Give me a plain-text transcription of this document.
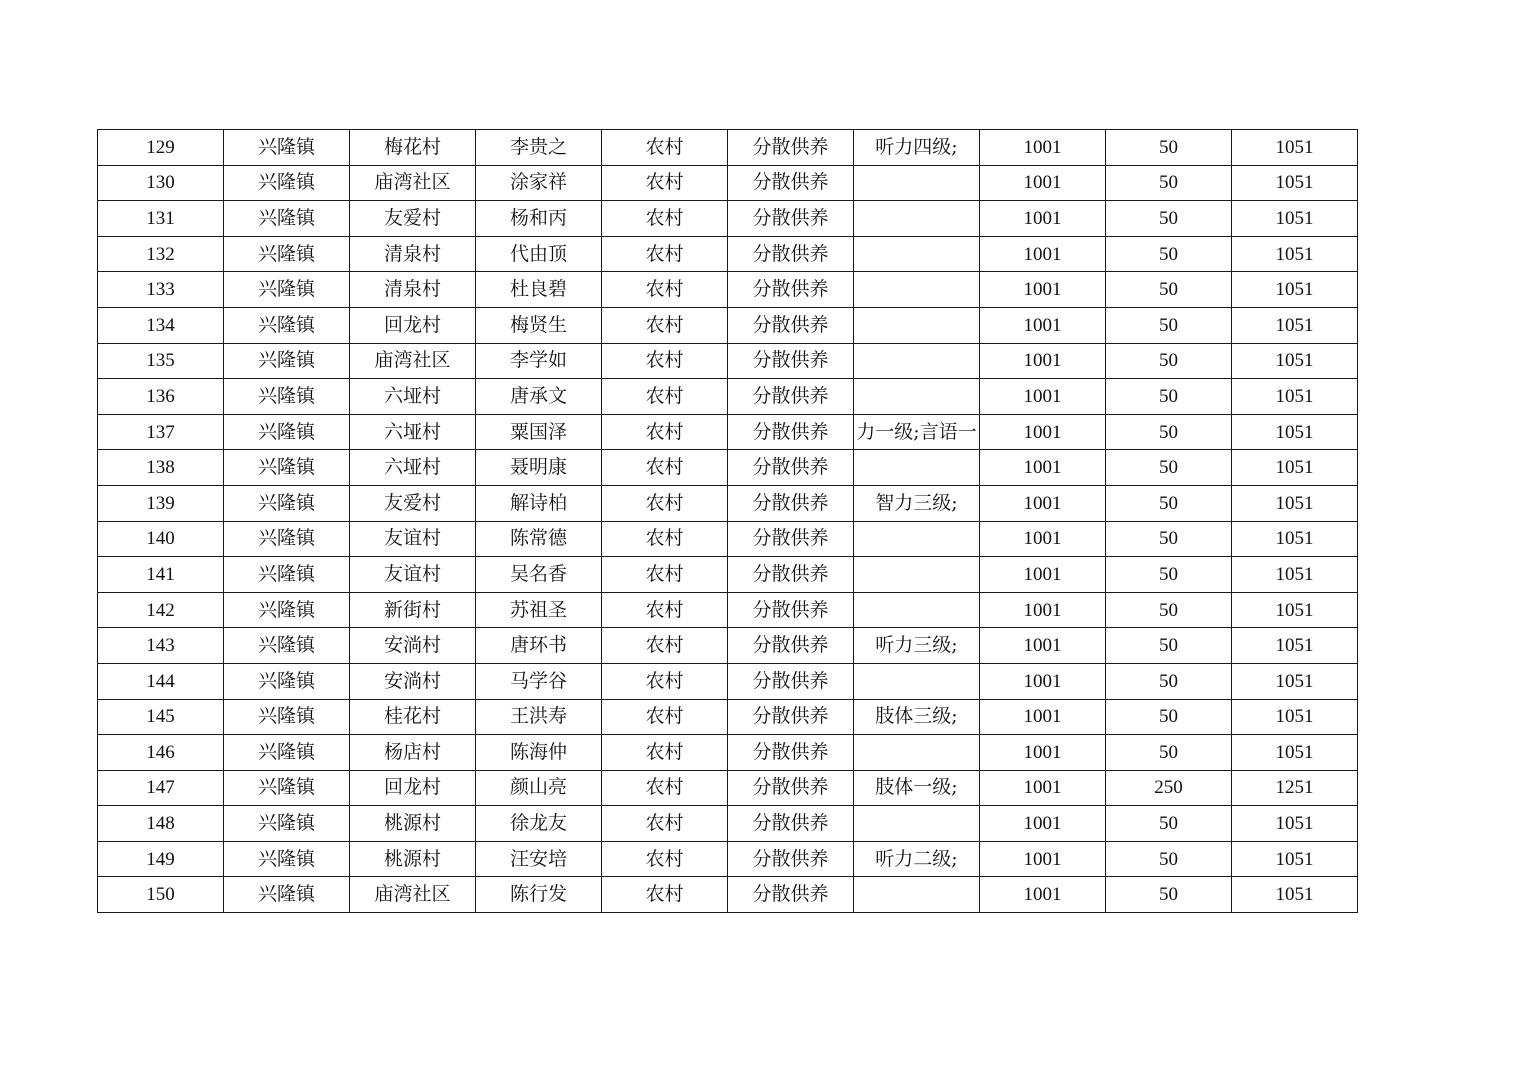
129	兴隆镇	梅花村	李贵之	农村	分散供养	听力四级;	1001	50	1051
130	兴隆镇	庙湾社区	涂家祥	农村	分散供养		1001	50	1051
131	兴隆镇	友爱村	杨和丙	农村	分散供养		1001	50	1051
132	兴隆镇	清泉村	代由顶	农村	分散供养		1001	50	1051
133	兴隆镇	清泉村	杜良碧	农村	分散供养		1001	50	1051
134	兴隆镇	回龙村	梅贤生	农村	分散供养		1001	50	1051
135	兴隆镇	庙湾社区	李学如	农村	分散供养		1001	50	1051
136	兴隆镇	六垭村	唐承文	农村	分散供养		1001	50	1051
137	兴隆镇	六垭村	粟国泽	农村	分散供养	力一级;言语一	1001	50	1051
138	兴隆镇	六垭村	聂明康	农村	分散供养		1001	50	1051
139	兴隆镇	友爱村	解诗柏	农村	分散供养	智力三级;	1001	50	1051
140	兴隆镇	友谊村	陈常德	农村	分散供养		1001	50	1051
141	兴隆镇	友谊村	吴名香	农村	分散供养		1001	50	1051
142	兴隆镇	新街村	苏祖圣	农村	分散供养		1001	50	1051
143	兴隆镇	安淌村	唐环书	农村	分散供养	听力三级;	1001	50	1051
144	兴隆镇	安淌村	马学谷	农村	分散供养		1001	50	1051
145	兴隆镇	桂花村	王洪寿	农村	分散供养	肢体三级;	1001	50	1051
146	兴隆镇	杨店村	陈海仲	农村	分散供养		1001	50	1051
147	兴隆镇	回龙村	颜山亮	农村	分散供养	肢体一级;	1001	250	1251
148	兴隆镇	桃源村	徐龙友	农村	分散供养		1001	50	1051
149	兴隆镇	桃源村	汪安培	农村	分散供养	听力二级;	1001	50	1051
150	兴隆镇	庙湾社区	陈行发	农村	分散供养		1001	50	1051
